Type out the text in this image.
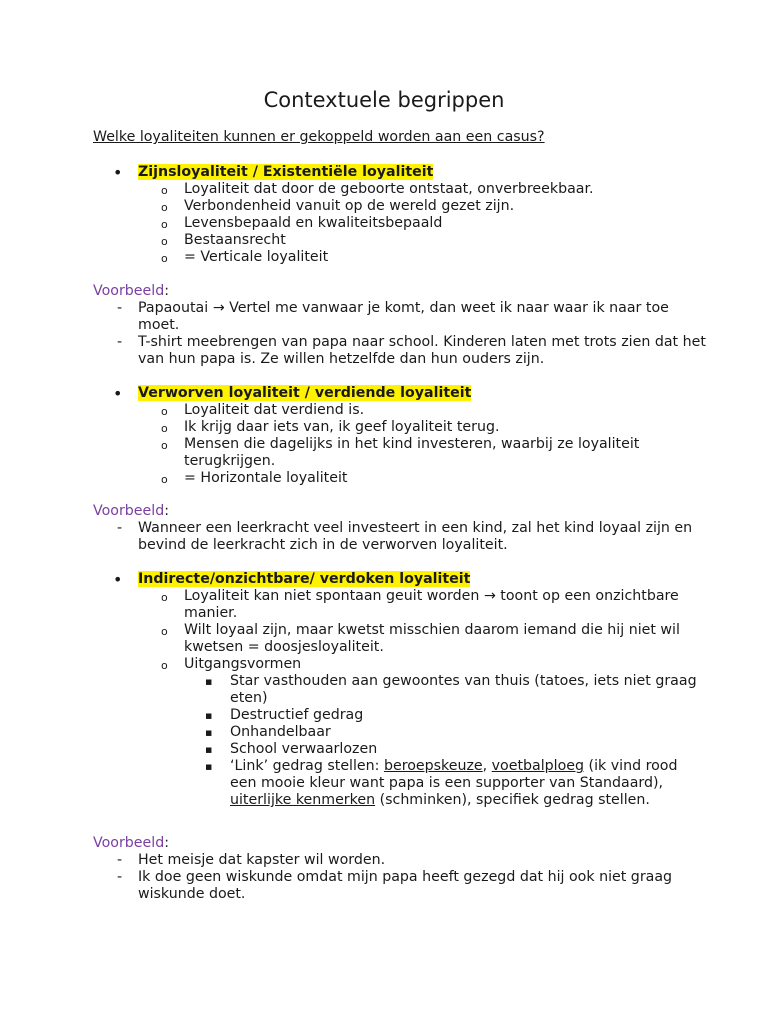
Contextuele begrippen
Welke loyaliteiten kunnen er gekoppeld worden aan een casus?
• Zijnsloyaliteit / Existentiële loyaliteit
o Loyaliteit dat door de geboorte ontstaat, onverbreekbaar.
o Verbondenheid vanuit op de wereld gezet zijn.
o Levensbepaald en kwaliteitsbepaald
o Bestaansrecht
o = Verticale loyaliteit
Voorbeeld:
- Papaoutai → Vertel me vanwaar je komt, dan weet ik naar waar ik naar toe moet.
- T-shirt meebrengen van papa naar school. Kinderen laten met trots zien dat het van hun papa is. Ze willen hetzelfde dan hun ouders zijn.
• Verworven loyaliteit / verdiende loyaliteit
o Loyaliteit dat verdiend is.
o Ik krijg daar iets van, ik geef loyaliteit terug.
o Mensen die dagelijks in het kind investeren, waarbij ze loyaliteit terugkrijgen.
o = Horizontale loyaliteit
Voorbeeld:
- Wanneer een leerkracht veel investeert in een kind, zal het kind loyaal zijn en bevind de leerkracht zich in de verworven loyaliteit.
• Indirecte/onzichtbare/ verdoken loyaliteit
o Loyaliteit kan niet spontaan geuit worden → toont op een onzichtbare manier.
o Wilt loyaal zijn, maar kwetst misschien daarom iemand die hij niet wil kwetsen = doosjesloyaliteit.
o Uitgangsvormen
▪ Star vasthouden aan gewoontes van thuis (tatoes, iets niet graag eten)
▪ Destructief gedrag
▪ Onhandelbaar
▪ School verwaarlozen
▪ ‘Link’ gedrag stellen: beroepskeuze, voetbalploeg (ik vind rood een mooie kleur want papa is een supporter van Standaard), uiterlijke kenmerken (schminken), specifiek gedrag stellen.
Voorbeeld:
- Het meisje dat kapster wil worden.
- Ik doe geen wiskunde omdat mijn papa heeft gezegd dat hij ook niet graag wiskunde doet.
